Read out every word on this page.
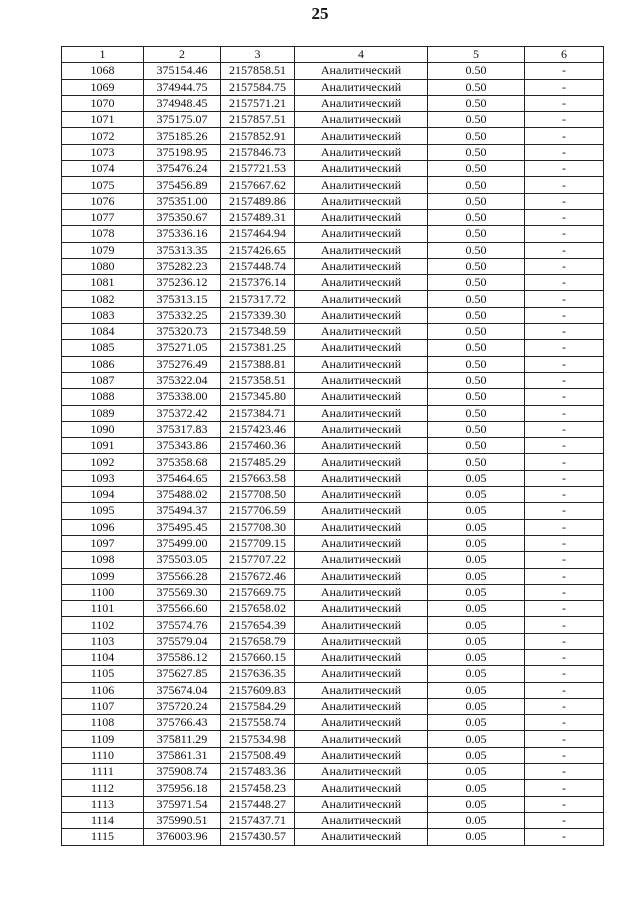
25
1	2	3	4	5	6
1068	375154.46	2157858.51	Аналитический	0.50	-
1069	374944.75	2157584.75	Аналитический	0.50	-
1070	374948.45	2157571.21	Аналитический	0.50	-
1071	375175.07	2157857.51	Аналитический	0.50	-
1072	375185.26	2157852.91	Аналитический	0.50	-
1073	375198.95	2157846.73	Аналитический	0.50	-
1074	375476.24	2157721.53	Аналитический	0.50	-
1075	375456.89	2157667.62	Аналитический	0.50	-
1076	375351.00	2157489.86	Аналитический	0.50	-
1077	375350.67	2157489.31	Аналитический	0.50	-
1078	375336.16	2157464.94	Аналитический	0.50	-
1079	375313.35	2157426.65	Аналитический	0.50	-
1080	375282.23	2157448.74	Аналитический	0.50	-
1081	375236.12	2157376.14	Аналитический	0.50	-
1082	375313.15	2157317.72	Аналитический	0.50	-
1083	375332.25	2157339.30	Аналитический	0.50	-
1084	375320.73	2157348.59	Аналитический	0.50	-
1085	375271.05	2157381.25	Аналитический	0.50	-
1086	375276.49	2157388.81	Аналитический	0.50	-
1087	375322.04	2157358.51	Аналитический	0.50	-
1088	375338.00	2157345.80	Аналитический	0.50	-
1089	375372.42	2157384.71	Аналитический	0.50	-
1090	375317.83	2157423.46	Аналитический	0.50	-
1091	375343.86	2157460.36	Аналитический	0.50	-
1092	375358.68	2157485.29	Аналитический	0.50	-
1093	375464.65	2157663.58	Аналитический	0.05	-
1094	375488.02	2157708.50	Аналитический	0.05	-
1095	375494.37	2157706.59	Аналитический	0.05	-
1096	375495.45	2157708.30	Аналитический	0.05	-
1097	375499.00	2157709.15	Аналитический	0.05	-
1098	375503.05	2157707.22	Аналитический	0.05	-
1099	375566.28	2157672.46	Аналитический	0.05	-
1100	375569.30	2157669.75	Аналитический	0.05	-
1101	375566.60	2157658.02	Аналитический	0.05	-
1102	375574.76	2157654.39	Аналитический	0.05	-
1103	375579.04	2157658.79	Аналитический	0.05	-
1104	375586.12	2157660.15	Аналитический	0.05	-
1105	375627.85	2157636.35	Аналитический	0.05	-
1106	375674.04	2157609.83	Аналитический	0.05	-
1107	375720.24	2157584.29	Аналитический	0.05	-
1108	375766.43	2157558.74	Аналитический	0.05	-
1109	375811.29	2157534.98	Аналитический	0.05	-
1110	375861.31	2157508.49	Аналитический	0.05	-
1111	375908.74	2157483.36	Аналитический	0.05	-
1112	375956.18	2157458.23	Аналитический	0.05	-
1113	375971.54	2157448.27	Аналитический	0.05	-
1114	375990.51	2157437.71	Аналитический	0.05	-
1115	376003.96	2157430.57	Аналитический	0.05	-
